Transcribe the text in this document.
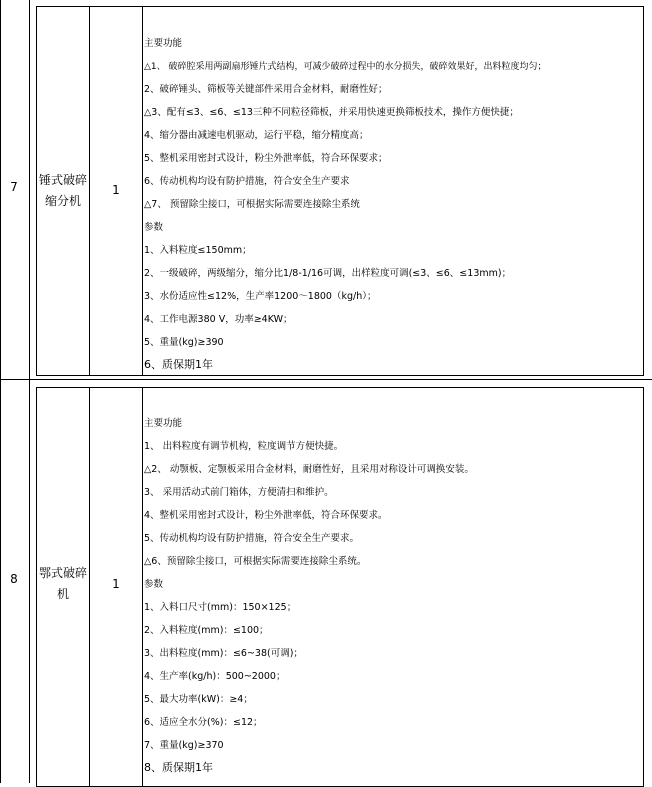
7	锤式破碎
缩分机
1
主要功能
△1、 破碎腔采用两副扇形锤片式结构，可减少破碎过程中的水分损失，破碎效果好，出料粒度均匀；
2、破碎锤头、筛板等关键部件采用合金材料，耐磨性好；
△3、配有≤3、≤6、≤13三种不同粒径筛板，并采用快速更换筛板技术，操作方便快捷；
4、缩分器由减速电机驱动，运行平稳，缩分精度高；
5、整机采用密封式设计，粉尘外泄率低，符合环保要求；
6、传动机构均设有防护措施，符合安全生产要求
△7、 预留除尘接口，可根据实际需要连接除尘系统
参数
1、入料粒度≤150mm；
2、一级破碎，两级缩分，缩分比1/8-1/16可调，出样粒度可调(≤3、≤6、≤13mm)；
3、水份适应性≤12%，生产率1200～1800（kg/h）；
4、工作电源380 V，功率≥4KW；
5、重量(kg)≥390
6、质保期1年
8	鄂式破碎
机
1
主要功能
1、 出料粒度有调节机构，粒度调节方便快捷。
△2、 动颚板、定颚板采用合金材料，耐磨性好，且采用对称设计可调换安装。
3、 采用活动式前门箱体，方便清扫和维护。
4、整机采用密封式设计，粉尘外泄率低，符合环保要求。
5、传动机构均设有防护措施，符合安全生产要求。
△6、预留除尘接口，可根据实际需要连接除尘系统。
参数
1、入料口尺寸(mm)：150×125；
2、入料粒度(mm)：≤100；
3、出料粒度(mm)：≤6~38(可调)；
4、生产率(kg/h)：500~2000；
5、最大功率(kW)：≥4；
6、适应全水分(%)：≤12；
7、重量(kg)≥370
8、质保期1年
